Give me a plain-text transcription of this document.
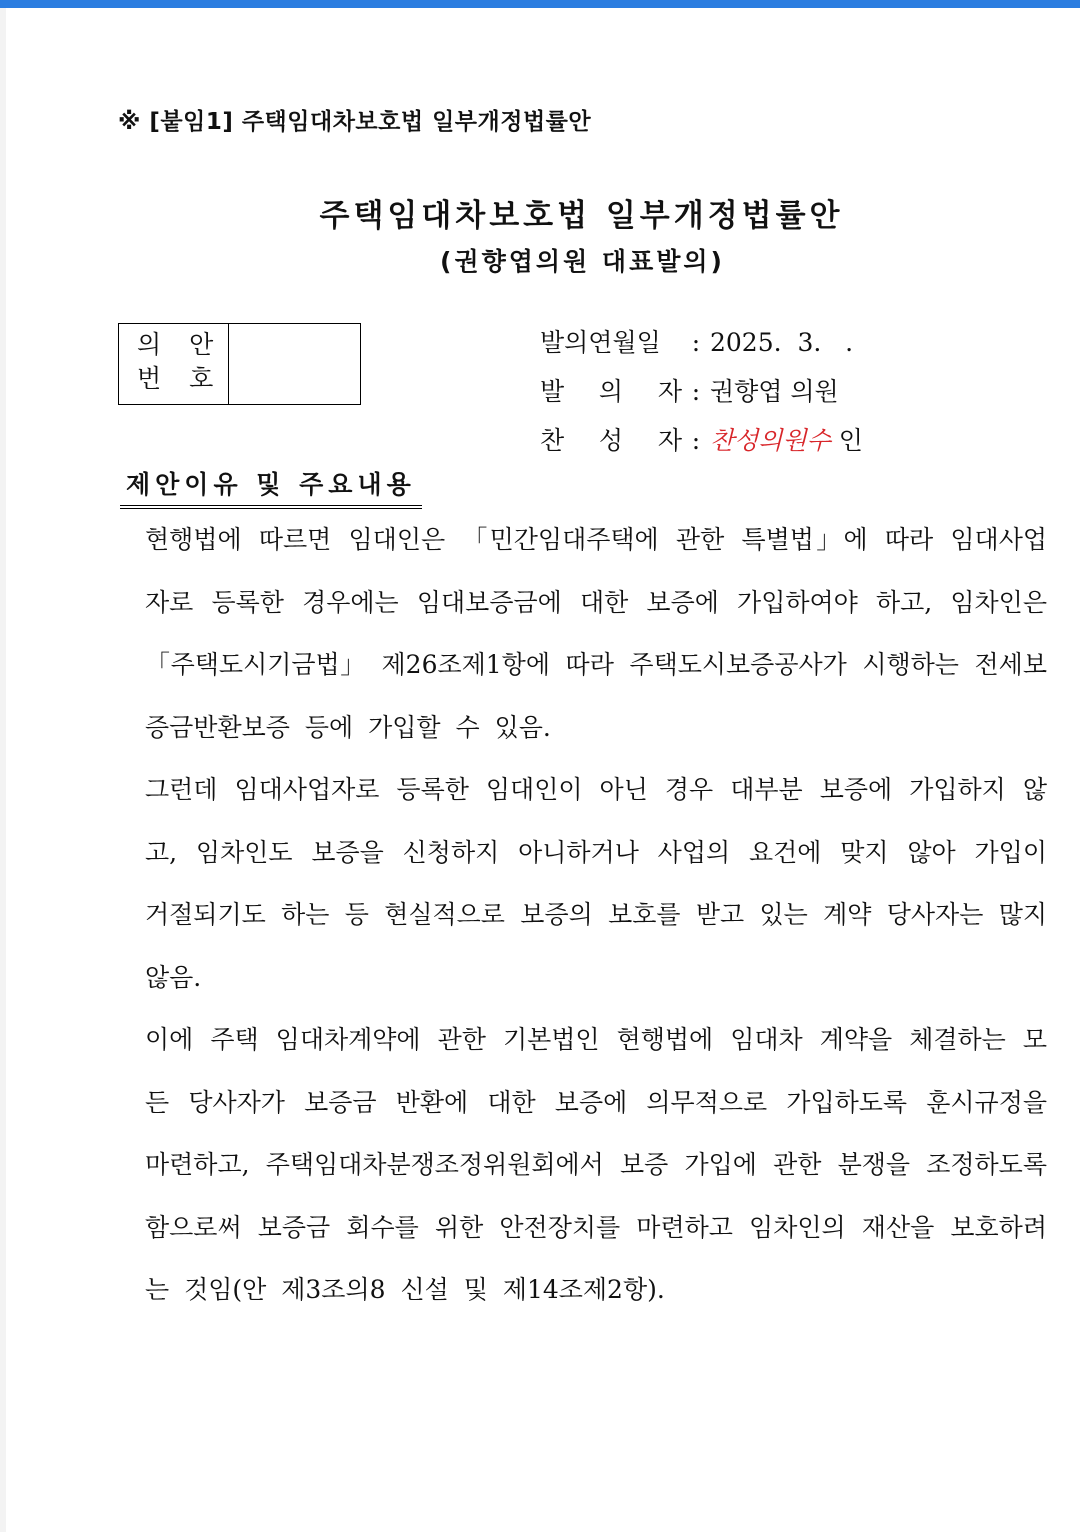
※ [붙임1] 주택임대차보호법 일부개정법률안
주택임대차보호법 일부개정법률안
(권향엽의원 대표발의)
의 안
번 호
발의연월일	: 2025.  3.   .
발 의 자 : 권향엽 의원
찬 성 자 : 찬성의원수
인
제안이유 및 주요내용

현행법에 따르면 임대인은 「민간임대주택에 관한 특별법」에 따라 임대사업자로 등록한 경우에는 임대보증금에 대한 보증에 가입하여야 하고, 임차인은 「주택도시기금법」 제26조제1항에 따라 주택도시보증공사가 시행하는 전세보증금반환보증 등에 가입할 수 있음.

그런데 임대사업자로 등록한 임대인이 아닌 경우 대부분 보증에 가입하지 않고, 임차인도 보증을 신청하지 아니하거나 사업의 요건에 맞지 않아 가입이 거절되기도 하는 등 현실적으로 보증의 보호를 받고 있는 계약 당사자는 많지 않음.

이에 주택 임대차계약에 관한 기본법인 현행법에 임대차 계약을 체결하는 모든 당사자가 보증금 반환에 대한 보증에 의무적으로 가입하도록 훈시규정을 마련하고, 주택임대차분쟁조정위원회에서 보증 가입에 관한 분쟁을 조정하도록 함으로써 보증금 회수를 위한 안전장치를 마련하고 임차인의 재산을 보호하려는 것임(안 제3조의8 신설 및 제14조제2항).
